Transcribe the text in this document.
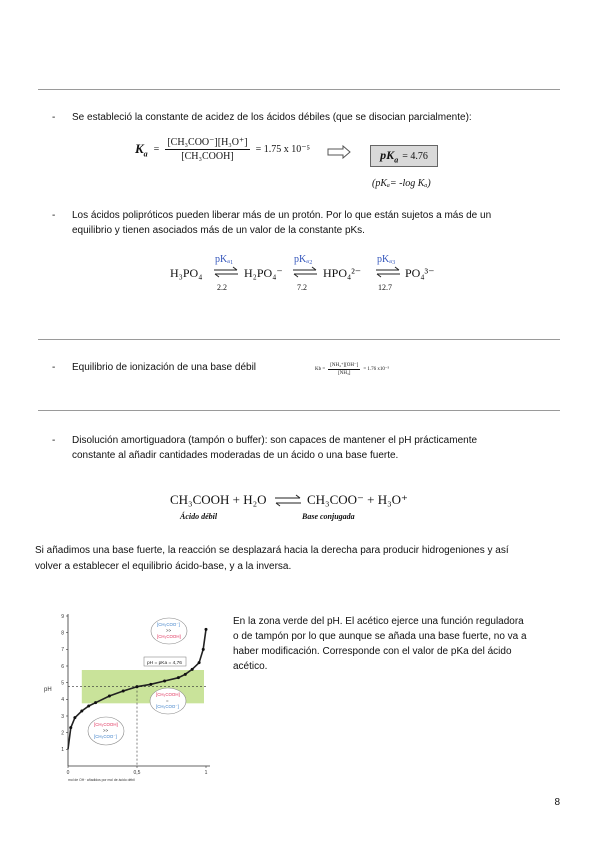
- Se estableció la constante de acidez de los ácidos débiles (que se disocian parcialmente):
$K_a = \frac{\text{[CH₃COO⁻][H₃O⁺]}}{\text{[CH₃COOH]}} = 1.75$ x 10⁻⁵	$pK_a = 4.76$
(pKₐ= -log Kₐ)
- Los ácidos polipróticos pueden liberar más de un protón. Por lo que están sujetos a más de un
equilibrio y tienen asociados más de un valor de la constante pKs.
H₃PO₄	H₂PO₄⁻	HPO₄²⁻	PO₄³⁻
pKₐ₁	pKₐ₂	pKₐ₃
2.2	7.2	12.7
- Equilibrio de ionización de una base débil	$Kb = \frac{\text{[NH₄⁺][OH⁻]}}{\text{[NH₃]}} = 1.76$ x10⁻⁵
- Disolución amortiguadora (tampón o buffer): son capaces de mantener el pH prácticamente
constante al añadir cantidades moderadas de un ácido o una base fuerte.
CH₃COOH + H₂O ⇌ CH₃COO⁻ + H₃O⁺
Ácido débil	Base conjugada
Si añadimos una base fuerte, la reacción se desplazará hacia la derecha para producir hidrogeniones y así
volver a establecer el equilibrio ácido-base, y a la inversa.
1
2
3
4
5
6
7
8
9
0	0,5	1
pH
mol de OH⁻ añadidos por mol de ácido débil
pH = pKa = 4,76
[CH₃COO⁻]
>>
[CH₃COOH]
[CH₃COOH]
=
[CH₃COO⁻]
[CH₃COOH]
>>
[CH₃COO⁻]
En la zona verde del pH. El acético ejerce una función reguladora
o de tampón por lo que aunque se añada una base fuerte, no va a
haber modificación. Corresponde con el valor de pKa del ácido
acético.
8
